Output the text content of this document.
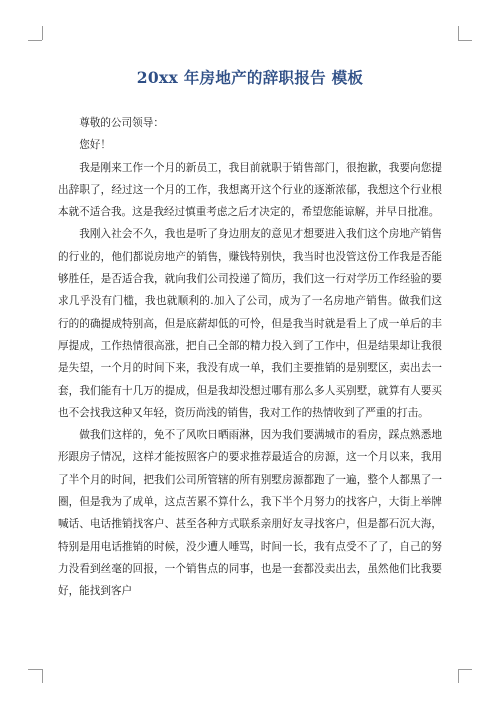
20xx 年房地产的辞职报告 模板

尊敬的公司领导：

您好！

我是刚来工作一个月的新员工，我目前就职于销售部门，很抱歉，我要向您提出辞职了，经过这一个月的工作，我想离开这个行业的逐渐浓郁，我想这个行业根本就不适合我。这是我经过慎重考虑之后才决定的，希望您能谅解，并早日批准。

我刚入社会不久，我也是听了身边朋友的意见才想要进入我们这个房地产销售的行业的，他们都说房地产的销售，赚钱特别快，我当时也没管这份工作我是否能够胜任，是否适合我，就向我们公司投递了简历，我们这一行对学历工作经验的要求几乎没有门槛，我也就顺利的.加入了公司，成为了一名房地产销售。做我们这行的的确提成特别高，但是底薪却低的可怜，但是我当时就是看上了成一单后的丰厚提成，工作热情很高涨，把自己全部的精力投入到了工作中，但是结果却让我很是失望，一个月的时间下来，我没有成一单，我们主要推销的是别墅区，卖出去一套，我们能有十几万的提成，但是我却没想过哪有那么多人买别墅，就算有人要买也不会找我这种又年轻，资历尚浅的销售，我对工作的热情收到了严重的打击。

做我们这样的，免不了风吹日晒雨淋，因为我们要满城市的看房，踩点熟悉地形跟房子情况，这样才能按照客户的要求推荐最适合的房源，这一个月以来，我用了半个月的时间，把我们公司所管辖的所有别墅房源都跑了一遍，整个人都黑了一圈，但是我为了成单，这点苦累不算什么，我下半个月努力的找客户，大街上举牌喊话、电话推销找客户、甚至各种方式联系亲朋好友寻找客户，但是都石沉大海，特别是用电话推销的时候，没少遭人唾骂，时间一长，我有点受不了了，自己的努力没看到丝毫的回报，一个销售点的同事，也是一套都没卖出去，虽然他们比我要好，能找到客户
